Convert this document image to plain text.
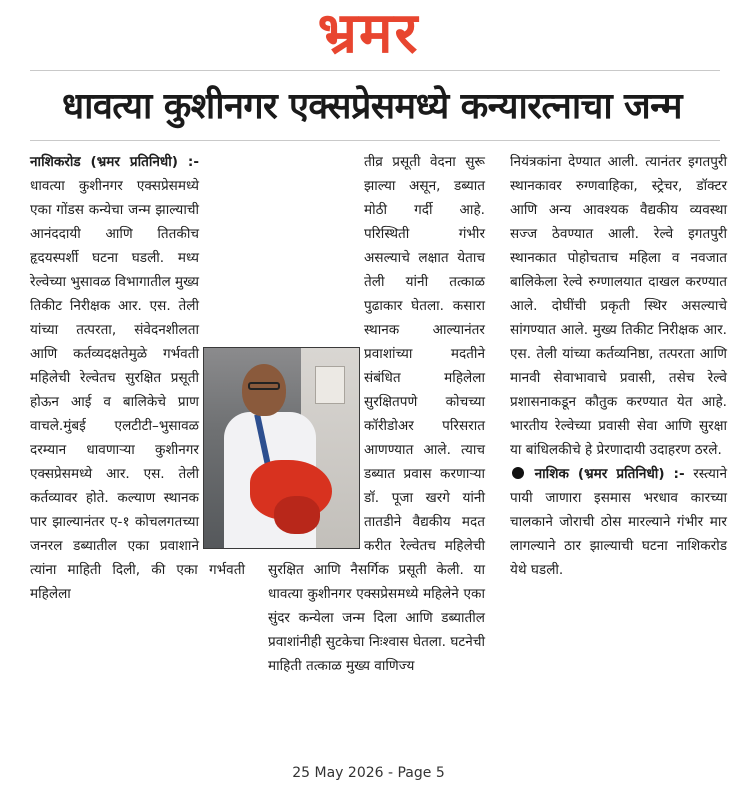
भ्रमर
धावत्या कुशीनगर एक्सप्रेसमध्ये कन्यारत्नाचा जन्म

नाशिकरोड (भ्रमर प्रतिनिधी) :- धावत्या कुशीनगर एक्सप्रेसमध्ये एका गोंडस कन्येचा जन्म झाल्याची आनंददायी आणि तितकीच हृदयस्पर्शी घटना घडली. मध्य रेल्वेच्या भुसावळ विभागातील मुख्य तिकीट निरीक्षक आर. एस. तेली यांच्या तत्परता, संवेदनशीलता आणि कर्तव्यदक्षतेमुळे गर्भवती महिलेची रेल्वेतच सुरक्षित प्रसूती होऊन आई व बालिकेचे प्राण वाचले.मुंबई एलटीटी–भुसावळ दरम्यान धावणाऱ्या कुशीनगर एक्सप्रेसमध्ये आर. एस. तेली कर्तव्यावर होते. कल्याण स्थानक पार झाल्यानंतर ए-१ कोचलगतच्या जनरल डब्यातील एका प्रवाशाने त्यांना माहिती दिली, की एका गर्भवती महिलेला

तीव्र प्रसूती वेदना सुरू झाल्या असून, डब्यात मोठी गर्दी आहे. परिस्थिती गंभीर असल्याचे लक्षात येताच तेली यांनी तत्काळ पुढाकार घेतला. कसारा स्थानक आल्यानंतर प्रवाशांच्या मदतीने संबंधित महिलेला सुरक्षितपणे कोचच्या कॉरीडोअर परिसरात आणण्यात आले. त्याच डब्यात प्रवास करणाऱ्या डॉ. पूजा खरगे यांनी तातडीने वैद्यकीय मदत करीत रेल्वेतच महिलेची सुरक्षित आणि नैसर्गिक प्रसूती केली. या धावत्या कुशीनगर एक्सप्रेसमध्ये महिलेने एका सुंदर कन्येला जन्म दिला आणि डब्यातील प्रवाशांनीही सुटकेचा निःश्वास घेतला. घटनेची माहिती तत्काळ मुख्य वाणिज्य

नियंत्रकांना देण्यात आली. त्यानंतर इगतपुरी स्थानकावर रुग्णवाहिका, स्ट्रेचर, डॉक्टर आणि अन्य आवश्यक वैद्यकीय व्यवस्था सज्ज ठेवण्यात आली. रेल्वे इगतपुरी स्थानकात पोहोचताच महिला व नवजात बालिकेला रेल्वे रुग्णालयात दाखल करण्यात आले. दोघींची प्रकृती स्थिर असल्याचे सांगण्यात आले. मुख्य तिकीट निरीक्षक आर. एस. तेली यांच्या कर्तव्यनिष्ठा, तत्परता आणि मानवी सेवाभावाचे प्रवासी, तसेच रेल्वे प्रशासनाकडून कौतुक करण्यात येत आहे. भारतीय रेल्वेच्या प्रवासी सेवा आणि सुरक्षा या बांधिलकीचे हे प्रेरणादायी उदाहरण ठरले.

नाशिक (भ्रमर प्रतिनिधी) :- रस्त्याने पायी जाणारा इसमास भरधाव कारच्या चालकाने जोराची ठोस मारल्याने गंभीर मार लागल्याने ठार झाल्याची घटना नाशिकरोड येथे घडली.

25 May 2026 - Page 5
